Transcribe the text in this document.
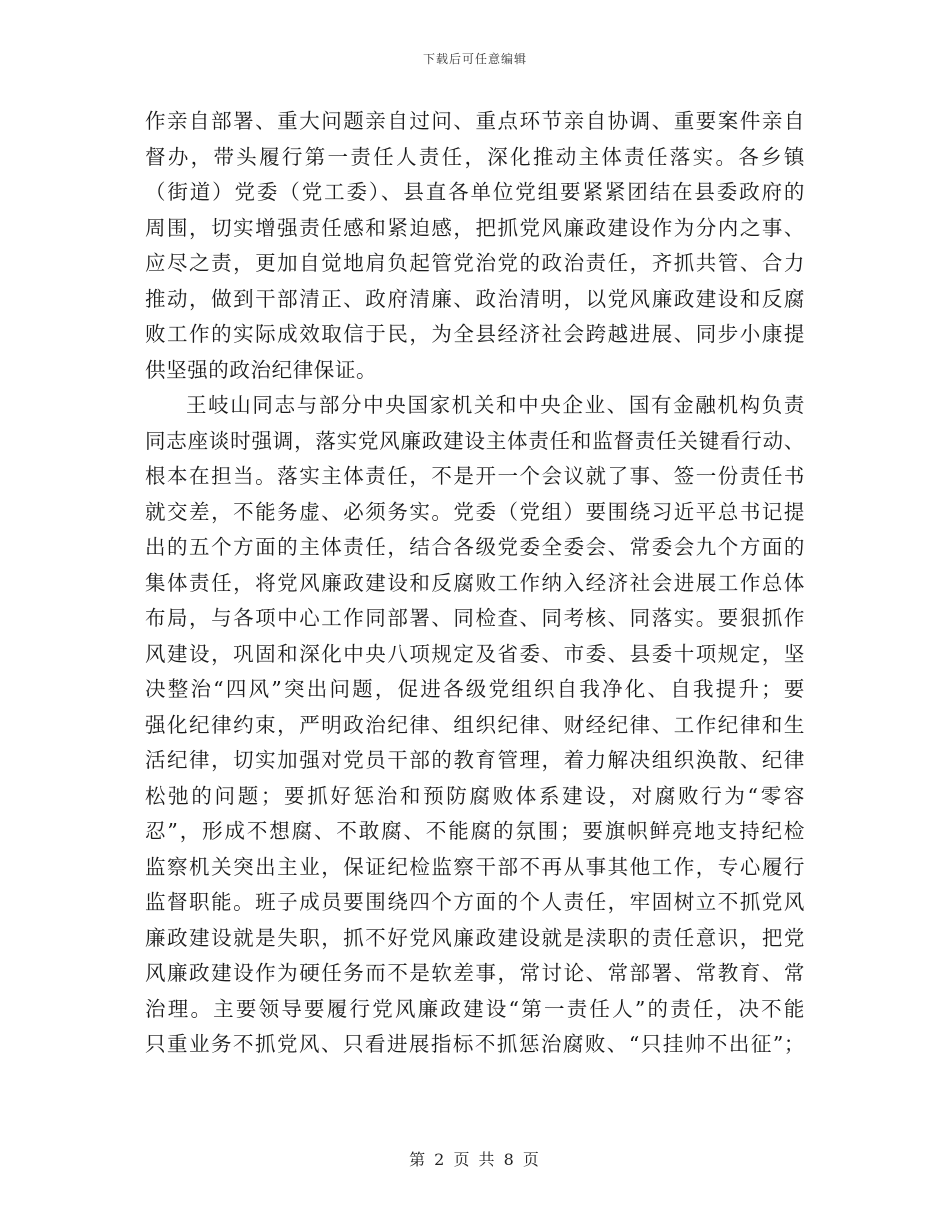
下载后可任意编辑
作亲自部署、重大问题亲自过问、重点环节亲自协调、重要案件亲自
督办，带头履行第一责任人责任，深化推动主体责任落实。各乡镇
（街道）党委（党工委）、县直各单位党组要紧紧团结在县委政府的
周围，切实增强责任感和紧迫感，把抓党风廉政建设作为分内之事、
应尽之责，更加自觉地肩负起管党治党的政治责任，齐抓共管、合力
推动，做到干部清正、政府清廉、政治清明，以党风廉政建设和反腐
败工作的实际成效取信于民，为全县经济社会跨越进展、同步小康提
供坚强的政治纪律保证。
王岐山同志与部分中央国家机关和中央企业、国有金融机构负责
同志座谈时强调，落实党风廉政建设主体责任和监督责任关键看行动、
根本在担当。落实主体责任，不是开一个会议就了事、签一份责任书
就交差，不能务虚、必须务实。党委（党组）要围绕习近平总书记提
出的五个方面的主体责任，结合各级党委全委会、常委会九个方面的
集体责任，将党风廉政建设和反腐败工作纳入经济社会进展工作总体
布局，与各项中心工作同部署、同检查、同考核、同落实。要狠抓作
风建设，巩固和深化中央八项规定及省委、市委、县委十项规定，坚
决整治“四风”突出问题，促进各级党组织自我净化、自我提升；要
强化纪律约束，严明政治纪律、组织纪律、财经纪律、工作纪律和生
活纪律，切实加强对党员干部的教育管理，着力解决组织涣散、纪律
松弛的问题；要抓好惩治和预防腐败体系建设，对腐败行为“零容
忍”，形成不想腐、不敢腐、不能腐的氛围；要旗帜鲜亮地支持纪检
监察机关突出主业，保证纪检监察干部不再从事其他工作，专心履行
监督职能。班子成员要围绕四个方面的个人责任，牢固树立不抓党风
廉政建设就是失职，抓不好党风廉政建设就是渎职的责任意识，把党
风廉政建设作为硬任务而不是软差事，常讨论、常部署、常教育、常
治理。主要领导要履行党风廉政建设“第一责任人”的责任，决不能
只重业务不抓党风、只看进展指标不抓惩治腐败、“只挂帅不出征”；
第 2 页 共 8 页
